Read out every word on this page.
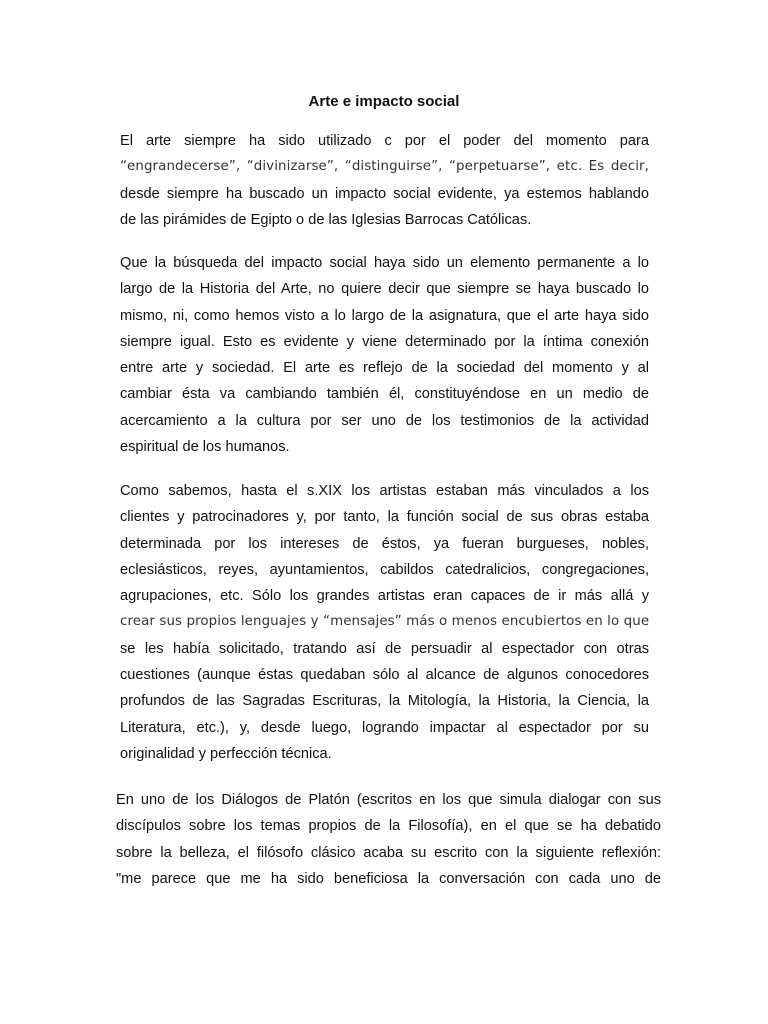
Arte e impacto social

El arte siempre ha sido utilizado c por el poder del momento para
“engrandecerse”, “divinizarse”, “distinguirse”, “perpetuarse”, etc. Es decir,
desde siempre ha buscado un impacto social evidente, ya estemos hablando
de las pirámides de Egipto o de las Iglesias Barrocas Católicas.

Que la búsqueda del impacto social haya sido un elemento permanente a lo
largo de la Historia del Arte, no quiere decir que siempre se haya buscado lo
mismo, ni, como hemos visto a lo largo de la asignatura, que el arte haya sido
siempre igual. Esto es evidente y viene determinado por la íntima conexión
entre arte y sociedad. El arte es reflejo de la sociedad del momento y al
cambiar ésta va cambiando también él, constituyéndose en un medio de
acercamiento a la cultura por ser uno de los testimonios de la actividad
espiritual de los humanos.

Como sabemos, hasta el s.XIX los artistas estaban más vinculados a los
clientes y patrocinadores y, por tanto, la función social de sus obras estaba
determinada por los intereses de éstos, ya fueran burgueses, nobles,
eclesiásticos, reyes, ayuntamientos, cabildos catedralicios, congregaciones,
agrupaciones, etc. Sólo los grandes artistas eran capaces de ir más allá y
crear sus propios lenguajes y “mensajes” más o menos encubiertos en lo que
se les había solicitado, tratando así de persuadir al espectador con otras
cuestiones (aunque éstas quedaban sólo al alcance de algunos conocedores
profundos de las Sagradas Escrituras, la Mitología, la Historia, la Ciencia, la
Literatura, etc.), y, desde luego, logrando impactar al espectador por su
originalidad y perfección técnica.

En uno de los Diálogos de Platón (escritos en los que simula dialogar con sus
discípulos sobre los temas propios de la Filosofía), en el que se ha debatido
sobre la belleza, el filósofo clásico acaba su escrito con la siguiente reflexión:
"me parece que me ha sido beneficiosa la conversación con cada uno de
